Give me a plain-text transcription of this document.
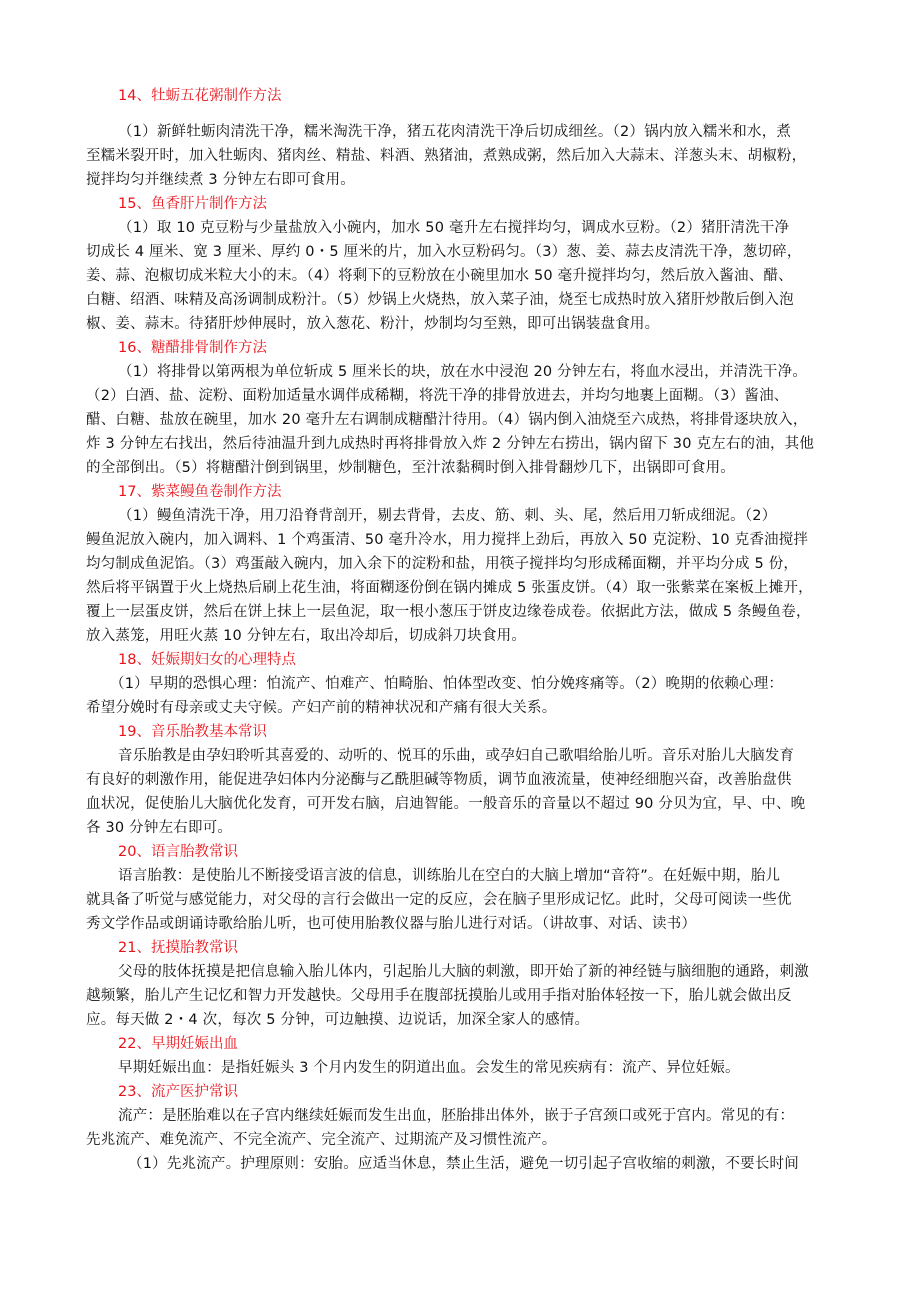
14、牡蛎五花粥制作方法
（1）新鲜牡蛎肉清洗干净，糯米淘洗干净，猪五花肉清洗干净后切成细丝。（2）锅内放入糯米和水，煮
至糯米裂开时，加入牡蛎肉、猪肉丝、精盐、料酒、熟猪油，煮熟成粥，然后加入大蒜末、洋葱头末、胡椒粉，
搅拌均匀并继续煮 3 分钟左右即可食用。
15、鱼香肝片制作方法
（1）取 10 克豆粉与少量盐放入小碗内，加水 50 毫升左右搅拌均匀，调成水豆粉。（2）猪肝清洗干净
切成长 4 厘米、宽 3 厘米、厚约 0・5 厘米的片，加入水豆粉码匀。（3）葱、姜、蒜去皮清洗干净，葱切碎，
姜、蒜、泡椒切成米粒大小的末。（4）将剩下的豆粉放在小碗里加水 50 毫升搅拌均匀，然后放入酱油、醋、
白糖、绍酒、味精及高汤调制成粉汁。（5）炒锅上火烧热，放入菜子油，烧至七成热时放入猪肝炒散后倒入泡
椒、姜、蒜末。待猪肝炒伸展时，放入葱花、粉汁，炒制均匀至熟，即可出锅装盘食用。
16、糖醋排骨制作方法
（1）将排骨以第两根为单位斩成 5 厘米长的块，放在水中浸泡 20 分钟左右，将血水浸出，并清洗干净。
（2）白酒、盐、淀粉、面粉加适量水调伴成稀糊，将洗干净的排骨放进去，并均匀地裹上面糊。（3）酱油、
醋、白糖、盐放在碗里，加水 20 毫升左右调制成糖醋汁待用。（4）锅内倒入油烧至六成热，将排骨逐块放入，
炸 3 分钟左右找出，然后待油温升到九成热时再将排骨放入炸 2 分钟左右捞出，锅内留下 30 克左右的油，其他
的全部倒出。（5）将糖醋汁倒到锅里，炒制糖色，至汁浓黏稠时倒入排骨翻炒几下，出锅即可食用。
17、紫菜鳗鱼卷制作方法
（1）鳗鱼清洗干净，用刀沿脊背剖开，剔去背骨，去皮、筋、刺、头、尾，然后用刀斩成细泥。（2）
鳗鱼泥放入碗内，加入调料、1 个鸡蛋清、50 毫升冷水，用力搅拌上劲后，再放入 50 克淀粉、10 克香油搅拌
均匀制成鱼泥馅。（3）鸡蛋敲入碗内，加入余下的淀粉和盐，用筷子搅拌均匀形成稀面糊，并平均分成 5 份，
然后将平锅置于火上烧热后刷上花生油，将面糊逐份倒在锅内摊成 5 张蛋皮饼。（4）取一张紫菜在案板上摊开，
覆上一层蛋皮饼，然后在饼上抹上一层鱼泥，取一根小葱压于饼皮边缘卷成卷。依据此方法，做成 5 条鳗鱼卷，
放入蒸笼，用旺火蒸 10 分钟左右，取出冷却后，切成斜刀块食用。
18、妊娠期妇女的心理特点
（1）早期的恐惧心理：怕流产、怕难产、怕畸胎、怕体型改变、怕分娩疼痛等。（2）晚期的依赖心理：
希望分娩时有母亲或丈夫守候。产妇产前的精神状况和产痛有很大关系。
19、音乐胎教基本常识
音乐胎教是由孕妇聆听其喜爱的、动听的、悦耳的乐曲，或孕妇自己歌唱给胎儿听。音乐对胎儿大脑发育
有良好的刺激作用，能促进孕妇体内分泌酶与乙酰胆碱等物质，调节血液流量，使神经细胞兴奋，改善胎盘供
血状况，促使胎儿大脑优化发育，可开发右脑，启迪智能。一般音乐的音量以不超过 90 分贝为宜，早、中、晚
各 30 分钟左右即可。
20、语言胎教常识
语言胎教：是使胎儿不断接受语言波的信息，训练胎儿在空白的大脑上增加“音符”。在妊娠中期，胎儿
就具备了听觉与感觉能力，对父母的言行会做出一定的反应，会在脑子里形成记忆。此时，父母可阅读一些优
秀文学作品或朗诵诗歌给胎儿听，也可使用胎教仪器与胎儿进行对话。（讲故事、对话、读书）
21、抚摸胎教常识
父母的肢体抚摸是把信息输入胎儿体内，引起胎儿大脑的刺激，即开始了新的神经链与脑细胞的通路，刺激
越频繁，胎儿产生记忆和智力开发越快。父母用手在腹部抚摸胎儿或用手指对胎体轻按一下，胎儿就会做出反
应。每天做 2・4 次，每次 5 分钟，可边触摸、边说话，加深全家人的感情。
22、早期妊娠出血
早期妊娠出血：是指妊娠头 3 个月内发生的阴道出血。会发生的常见疾病有：流产、异位妊娠。
23、流产医护常识
流产：是胚胎难以在子宫内继续妊娠而发生出血，胚胎排出体外，嵌于子宫颈口或死于宫内。常见的有：
先兆流产、难免流产、不完全流产、完全流产、过期流产及习惯性流产。
（1）先兆流产。护理原则：安胎。应适当休息，禁止生活，避免一切引起子宫收缩的刺激，不要长时间
